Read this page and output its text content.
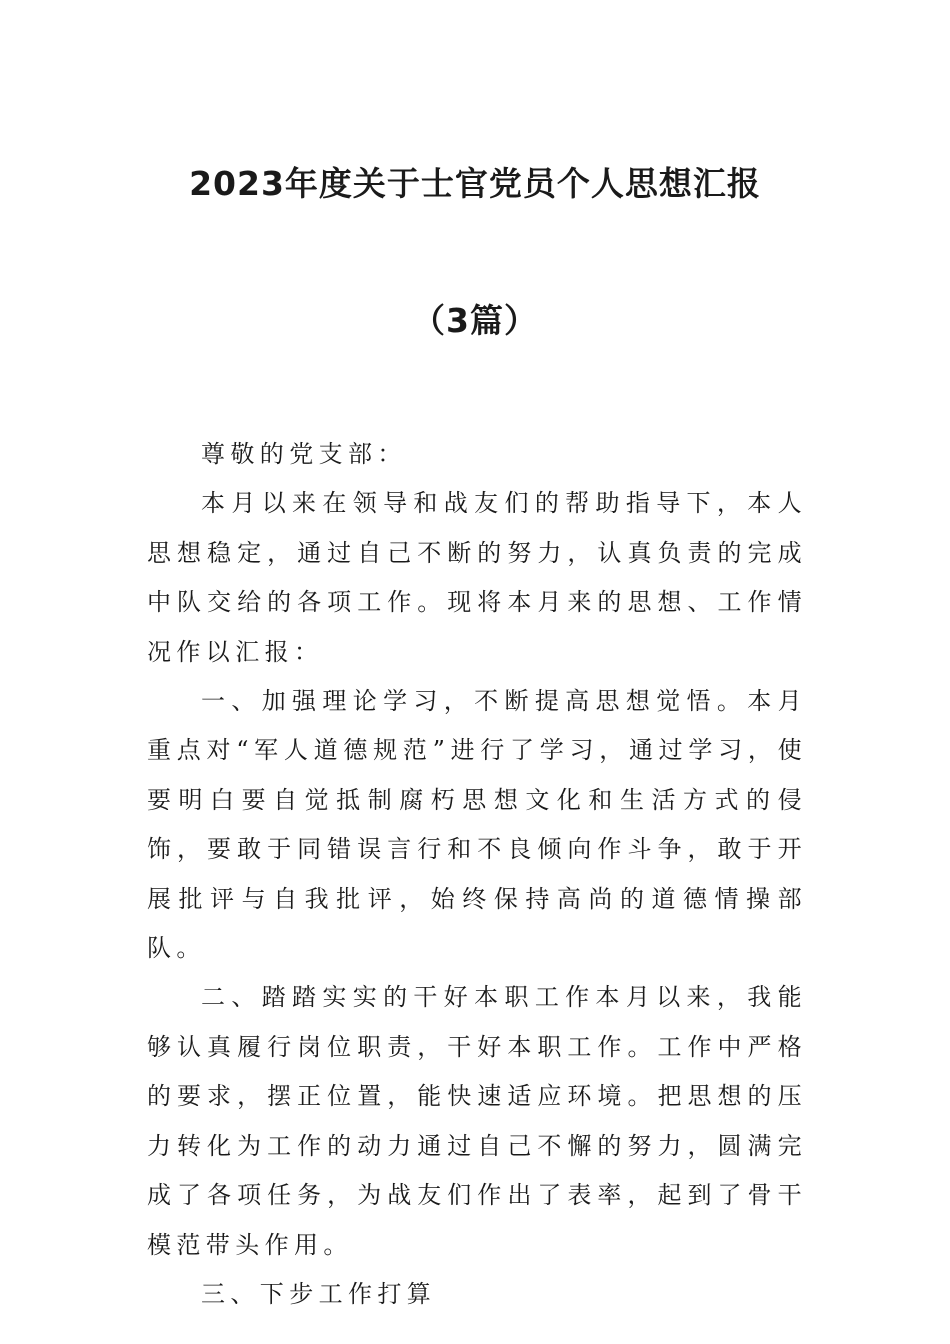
2023年度关于士官党员个人思想汇报
（3篇）

尊敬的党支部：

本月以来在领导和战友们的帮助指导下，本人思想稳定，通过自己不断的努力，认真负责的完成中队交给的各项工作。现将本月来的思想、工作情况作以汇报：

一、加强理论学习，不断提高思想觉悟。本月重点对“军人道德规范”进行了学习，通过学习，使要明白要自觉抵制腐朽思想文化和生活方式的侵饰，要敢于同错误言行和不良倾向作斗争，敢于开展批评与自我批评，始终保持高尚的道德情操部队。

二、踏踏实实的干好本职工作本月以来，我能够认真履行岗位职责，干好本职工作。工作中严格的要求，摆正位置，能快速适应环境。把思想的压力转化为工作的动力通过自己不懈的努力，圆满完成了各项任务，为战友们作出了表率，起到了骨干模范带头作用。

三、下步工作打算
